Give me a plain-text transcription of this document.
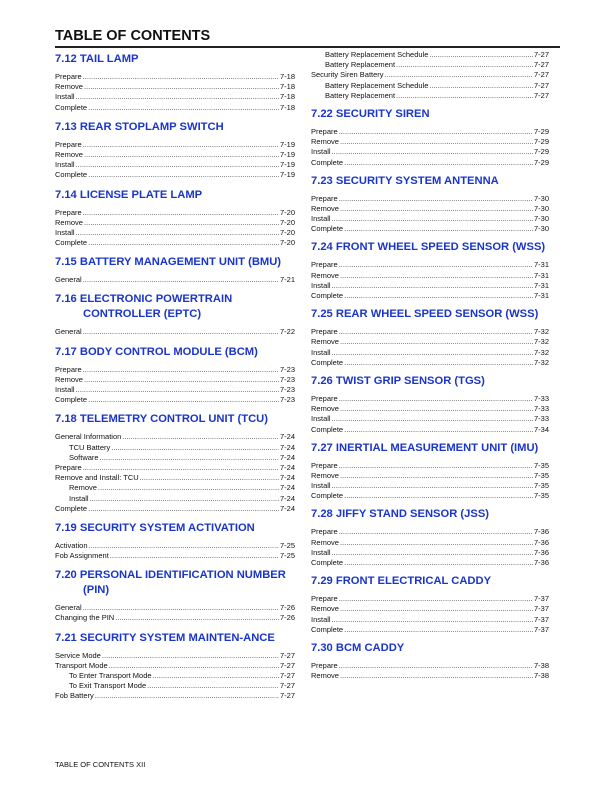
TABLE OF CONTENTS
7.12 TAIL LAMP
Prepare .....	7-18
Remove .....	7-18
Install .....	7-18
Complete .....	7-18
7.13 REAR STOPLAMP SWITCH
Prepare .....	7-19
Remove .....	7-19
Install .....	7-19
Complete .....	7-19
7.14 LICENSE PLATE LAMP
Prepare .....	7-20
Remove .....	7-20
Install .....	7-20
Complete .....	7-20
7.15 BATTERY MANAGEMENT UNIT (BMU)
General .....	7-21
7.16 ELECTRONIC POWERTRAIN CONTROLLER (EPTC)
General .....	7-22
7.17 BODY CONTROL MODULE (BCM)
Prepare .....	7-23
Remove .....	7-23
Install .....	7-23
Complete .....	7-23
7.18 TELEMETRY CONTROL UNIT (TCU)
General Information .....	7-24
TCU Battery .....	7-24
Software .....	7-24
Prepare .....	7-24
Remove and Install: TCU .....	7-24
Remove .....	7-24
Install .....	7-24
Complete .....	7-24
7.19 SECURITY SYSTEM ACTIVATION
Activation .....	7-25
Fob Assignment .....	7-25
7.20 PERSONAL IDENTIFICATION NUMBER (PIN)
General .....	7-26
Changing the PIN .....	7-26
7.21 SECURITY SYSTEM MAINTEN-ANCE
Service Mode .....	7-27
Transport Mode .....	7-27
To Enter Transport Mode .....	7-27
To Exit Transport Mode .....	7-27
Fob Battery .....	7-27
Battery Replacement Schedule .....	7-27
Battery Replacement .....	7-27
Security Siren Battery .....	7-27
Battery Replacement Schedule .....	7-27
Battery Replacement .....	7-27
7.22 SECURITY SIREN
Prepare .....	7-29
Remove .....	7-29
Install .....	7-29
Complete .....	7-29
7.23 SECURITY SYSTEM ANTENNA
Prepare .....	7-30
Remove .....	7-30
Install .....	7-30
Complete .....	7-30
7.24 FRONT WHEEL SPEED SENSOR (WSS)
Prepare .....	7-31
Remove .....	7-31
Install .....	7-31
Complete .....	7-31
7.25 REAR WHEEL SPEED SENSOR (WSS)
Prepare .....	7-32
Remove .....	7-32
Install .....	7-32
Complete .....	7-32
7.26 TWIST GRIP SENSOR (TGS)
Prepare .....	7-33
Remove .....	7-33
Install .....	7-33
Complete .....	7-34
7.27 INERTIAL MEASUREMENT UNIT (IMU)
Prepare .....	7-35
Remove .....	7-35
Install .....	7-35
Complete .....	7-35
7.28 JIFFY STAND SENSOR (JSS)
Prepare .....	7-36
Remove .....	7-36
Install .....	7-36
Complete .....	7-36
7.29 FRONT ELECTRICAL CADDY
Prepare .....	7-37
Remove .....	7-37
Install .....	7-37
Complete .....	7-37
7.30 BCM CADDY
Prepare .....	7-38
Remove .....	7-38
TABLE OF CONTENTS XII
